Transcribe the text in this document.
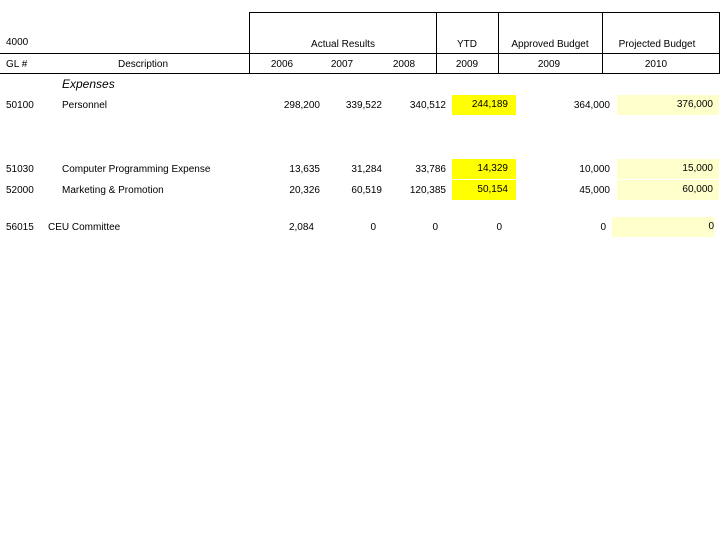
4000
GL #	Description
Actual Results	YTD	Approved Budget	Projected Budget
2006	2007	2008	2009	2009	2010
Expenses
50100	Personnel	298,200	339,522	340,512	244,189	364,000	376,000
51030	Computer Programming Expense	13,635	31,284	33,786	14,329	10,000	15,000
52000	Marketing & Promotion	20,326	60,519	120,385	50,154	45,000	60,000
56015 CEU Committee	2,084	0	0	0	0	0
